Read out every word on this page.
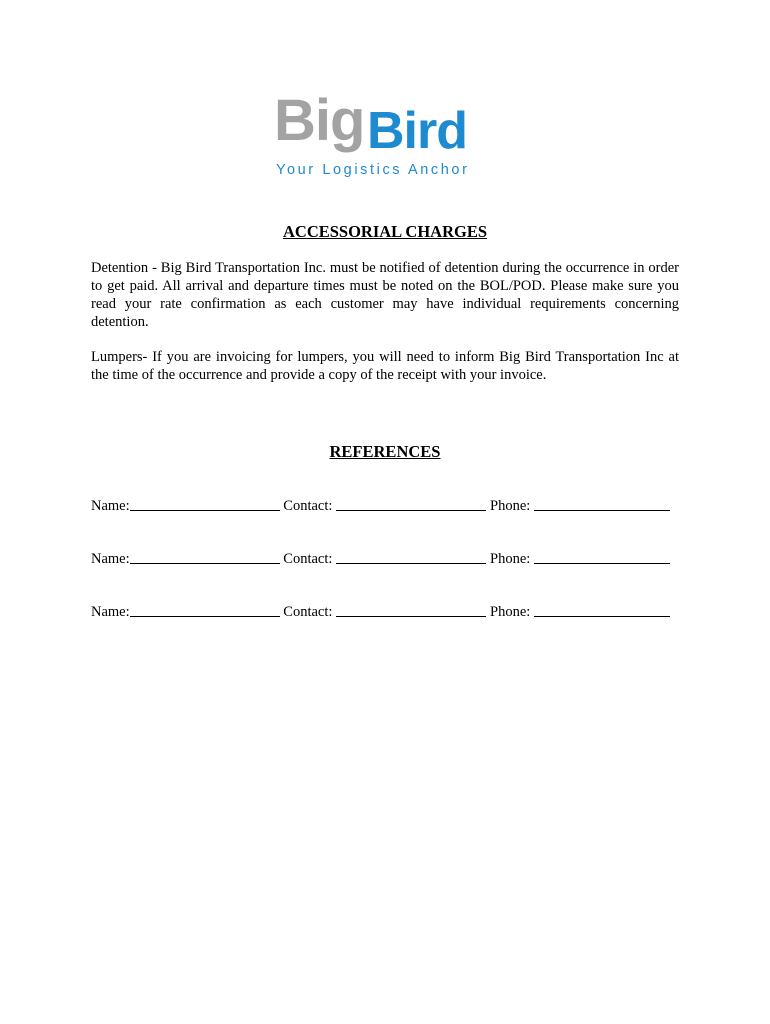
Big Bird
Your Logistics Anchor
ACCESSORIAL CHARGES

Detention - Big Bird Transportation Inc. must be notified of detention during the occurrence in order to get paid. All arrival and departure times must be noted on the BOL/POD. Please make sure you read your rate confirmation as each customer may have individual requirements concerning detention.

Lumpers- If you are invoicing for lumpers, you will need to inform Big Bird Transportation Inc at the time of the occurrence and provide a copy of the receipt with your invoice.

REFERENCES
Name:	Contact:	Phone:
Name:	Contact:	Phone:
Name:	Contact:	Phone:
